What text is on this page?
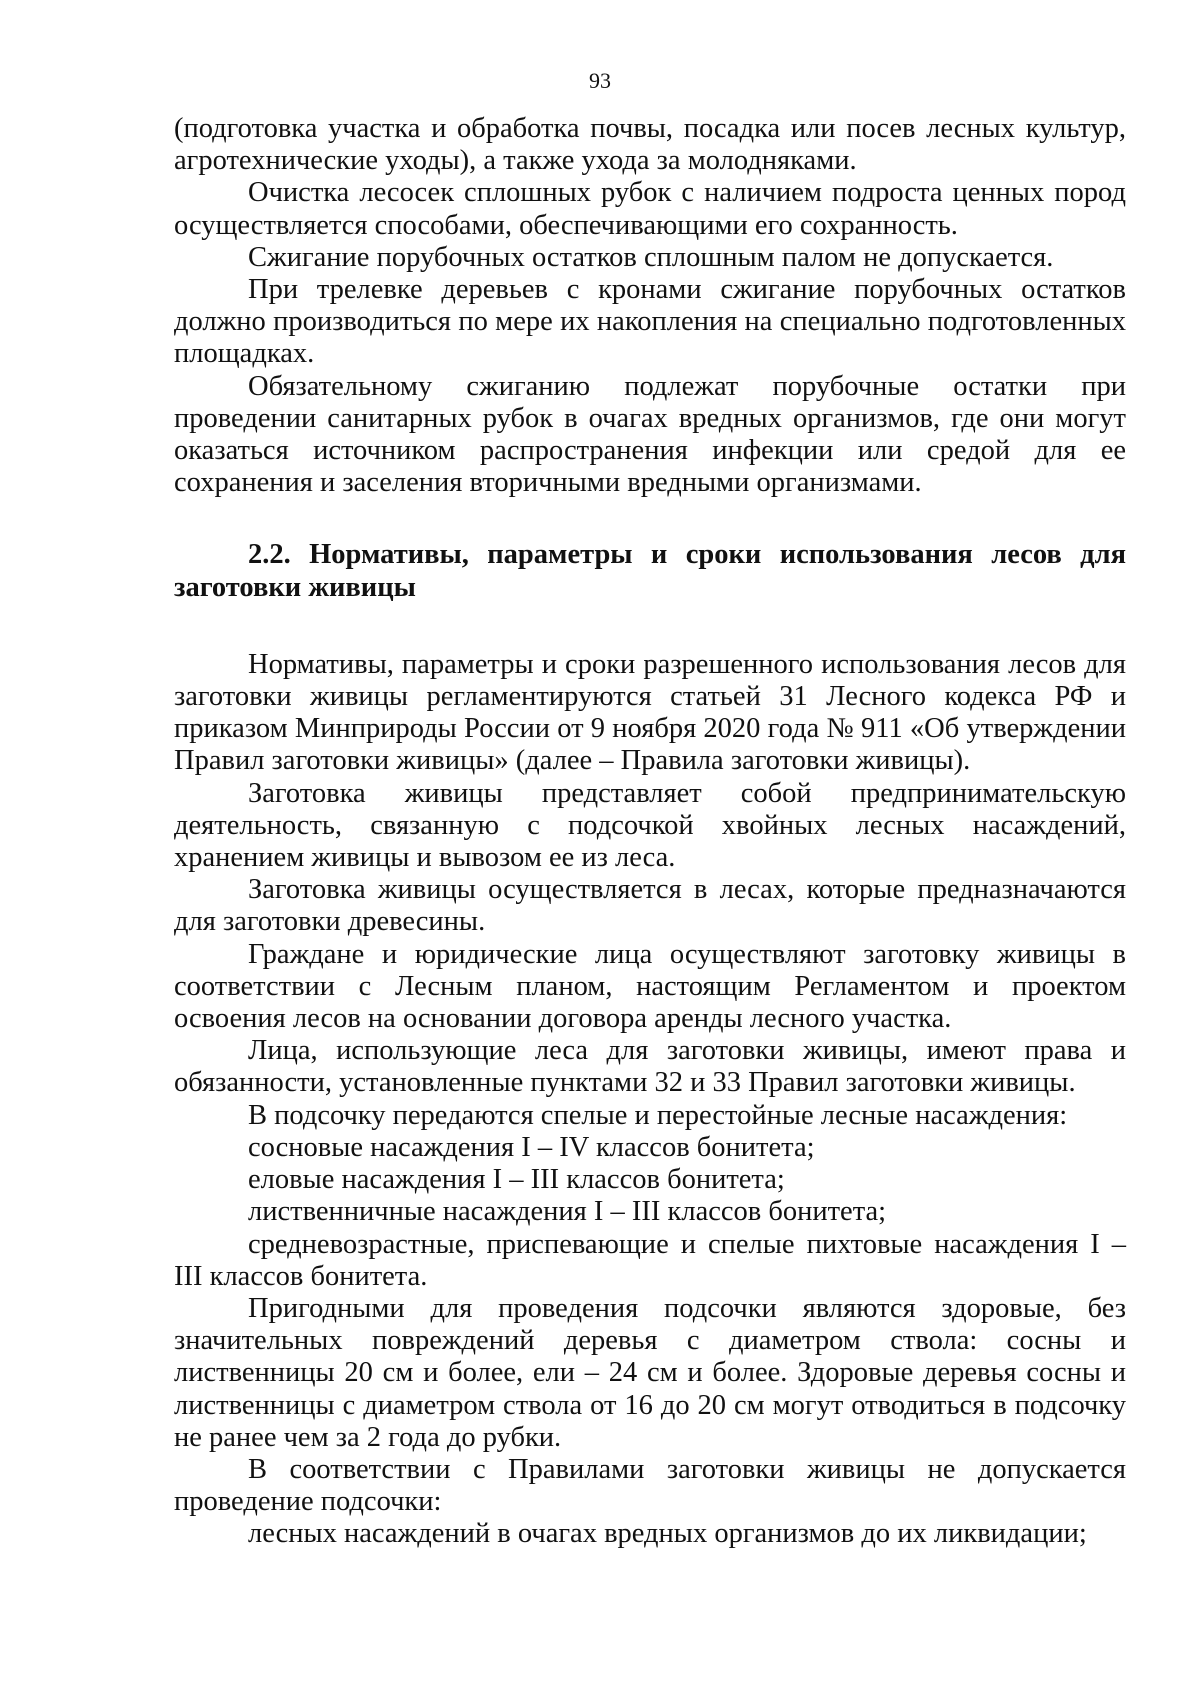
93

(подготовка участка и обработка почвы, посадка или посев лесных культур, агротехнические уходы), а также ухода за молодняками.

Очистка лесосек сплошных рубок с наличием подроста ценных пород осуществляется способами, обеспечивающими его сохранность.

Сжигание порубочных остатков сплошным палом не допускается.

При трелевке деревьев с кронами сжигание порубочных остатков должно производиться по мере их накопления на специально подготовленных площадках.

Обязательному сжиганию подлежат порубочные остатки при проведении санитарных рубок в очагах вредных организмов, где они могут оказаться источником распространения инфекции или средой для ее сохранения и заселения вторичными вредными организмами.

2.2. Нормативы, параметры и сроки использования лесов для заготовки живицы

Нормативы, параметры и сроки разрешенного использования лесов для заготовки живицы регламентируются статьей 31 Лесного кодекса РФ и приказом Минприроды России от 9 ноября 2020 года № 911 «Об утверждении Правил заготовки живицы» (далее – Правила заготовки живицы).

Заготовка живицы представляет собой предпринимательскую деятельность, связанную с подсочкой хвойных лесных насаждений, хранением живицы и вывозом ее из леса.

Заготовка живицы осуществляется в лесах, которые предназначаются для заготовки древесины.

Граждане и юридические лица осуществляют заготовку живицы в соответствии с Лесным планом, настоящим Регламентом и проектом освоения лесов на основании договора аренды лесного участка.

Лица, использующие леса для заготовки живицы, имеют права и обязанности, установленные пунктами 32 и 33 Правил заготовки живицы.

В подсочку передаются спелые и перестойные лесные насаждения:

сосновые насаждения I – IV классов бонитета;

еловые насаждения I – III классов бонитета;

лиственничные насаждения I – III классов бонитета;

средневозрастные, приспевающие и спелые пихтовые насаждения I – III классов бонитета.

Пригодными для проведения подсочки являются здоровые, без значительных повреждений деревья с диаметром ствола: сосны и лиственницы 20 см и более, ели – 24 см и более. Здоровые деревья сосны и лиственницы с диаметром ствола от 16 до 20 см могут отводиться в подсочку не ранее чем за 2 года до рубки.

В соответствии с Правилами заготовки живицы не допускается проведение подсочки:

лесных насаждений в очагах вредных организмов до их ликвидации;
